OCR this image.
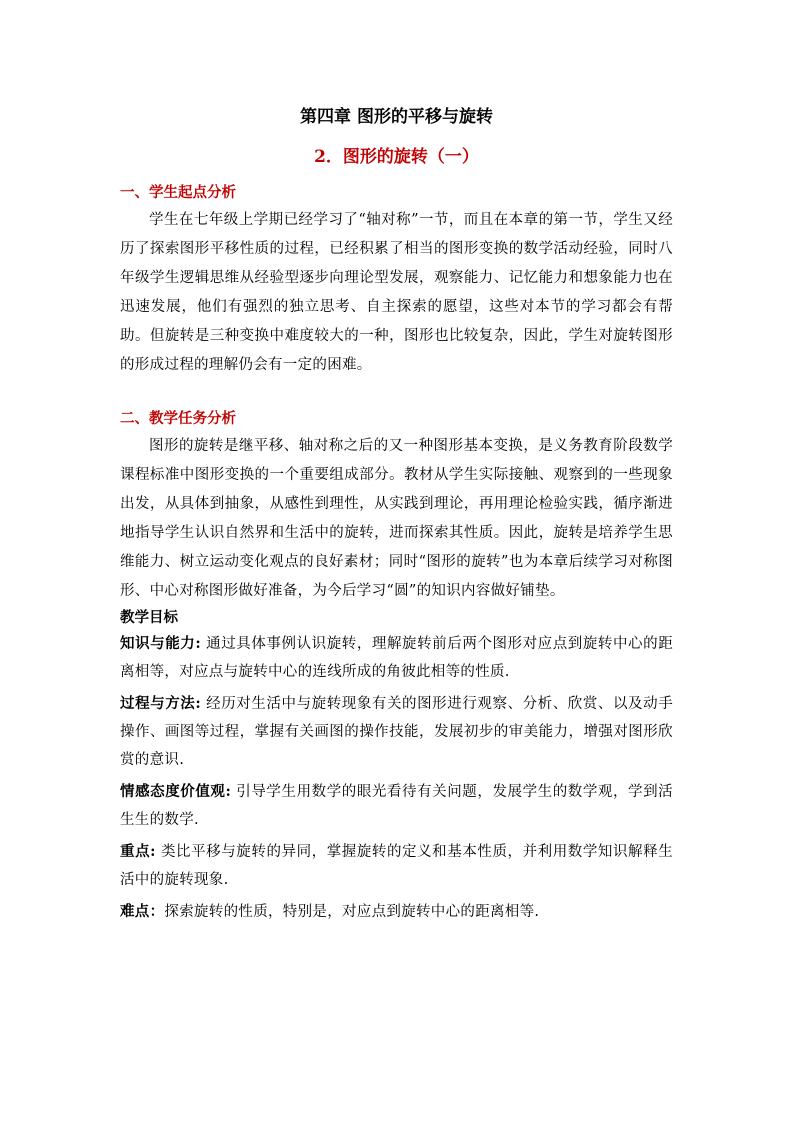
第四章 图形的平移与旋转

2．图形的旋转（一）

一、学生起点分析

学生在七年级上学期已经学习了“轴对称”一节，而且在本章的第一节，学生又经历了探索图形平移性质的过程，已经积累了相当的图形变换的数学活动经验，同时八年级学生逻辑思维从经验型逐步向理论型发展，观察能力、记忆能力和想象能力也在迅速发展，他们有强烈的独立思考、自主探索的愿望，这些对本节的学习都会有帮助。但旋转是三种变换中难度较大的一种，图形也比较复杂，因此，学生对旋转图形的形成过程的理解仍会有一定的困难。

二、教学任务分析

图形的旋转是继平移、轴对称之后的又一种图形基本变换，是义务教育阶段数学课程标准中图形变换的一个重要组成部分。教材从学生实际接触、观察到的一些现象出发，从具体到抽象，从感性到理性，从实践到理论，再用理论检验实践，循序渐进地指导学生认识自然界和生活中的旋转，进而探索其性质。因此，旋转是培养学生思维能力、树立运动变化观点的良好素材；同时“图形的旋转”也为本章后续学习对称图形、中心对称图形做好准备，为今后学习“圆”的知识内容做好铺垫。

教学目标

知识与能力: 通过具体事例认识旋转，理解旋转前后两个图形对应点到旋转中心的距离相等，对应点与旋转中心的连线所成的角彼此相等的性质.

过程与方法: 经历对生活中与旋转现象有关的图形进行观察、分析、欣赏、以及动手操作、画图等过程，掌握有关画图的操作技能，发展初步的审美能力，增强对图形欣赏的意识.

情感态度价值观: 引导学生用数学的眼光看待有关问题，发展学生的数学观，学到活生生的数学.

重点: 类比平移与旋转的异同，掌握旋转的定义和基本性质，并利用数学知识解释生活中的旋转现象.

难点：探索旋转的性质，特别是，对应点到旋转中心的距离相等.
